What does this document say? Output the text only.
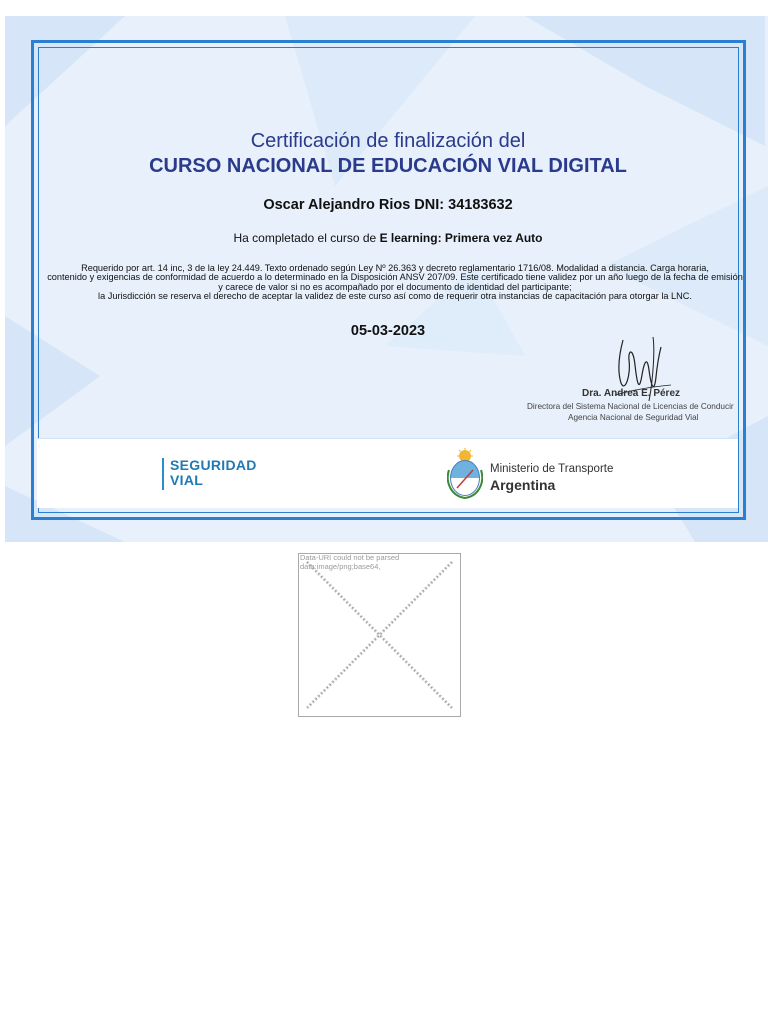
Certificación de finalización del
CURSO NACIONAL DE EDUCACIÓN VIAL DIGITAL
Oscar Alejandro Rios DNI: 34183632
Ha completado el curso de E learning: Primera vez Auto
Requerido por art. 14 inc, 3 de la ley 24.449. Texto ordenado según Ley Nº 26.363 y decreto reglamentario 1716/08. Modalidad a distancia. Carga horaria,
contenido y exigencias de conformidad de acuerdo a lo determinado en la Disposición ANSV 207/09. Este certificado tiene validez por un año luego de la fecha de emisión
y carece de valor si no es acompañado por el documento de identidad del participante;
la Jurisdicción se reserva el derecho de aceptar la validez de este curso así como de requerir otra instancias de capacitación para otorgar la LNC.
05-03-2023
Dra. Andrea E. Pérez
Directora del Sistema Nacional de Licencias de Conducir
Agencia Nacional de Seguridad Vial
SEGURIDAD
VIAL
Ministerio de Transporte
Argentina
Data-URI could not be parsed
data:image/png;base64,
